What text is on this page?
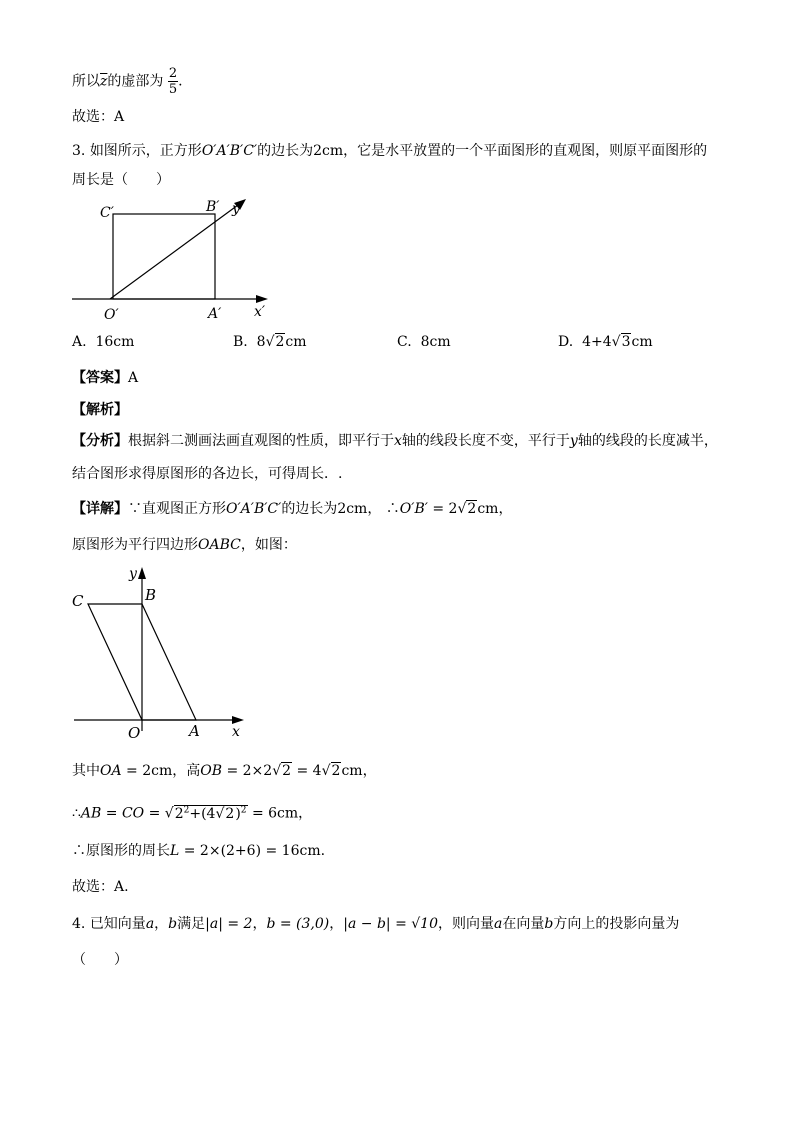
所以$\overline{z}$的虚部为 $\frac{2}{5}$ .
故选：A
3. 如图所示，正方形O′A′B′C′的边长为2cm，它是水平放置的一个平面图形的直观图，则原平面图形的
周长是（　　）
C′	B′ y′
O′	A′ x′
A. 16cm	B. 8√2cm	C. 8cm	D. 4+4√3cm
【答案】A
【解析】
【分析】根据斜二测画法画直观图的性质，即平行于x轴的线段长度不变，平行于y轴的线段的长度减半，
结合图形求得原图形的各边长，可得周长．.
【详解】∵直观图正方形O′A′B′C′的边长为2cm， ∴O′B′ = 2√2cm，
原图形为平行四边形OABC，如图：
y
C	B
O	A x
其中OA = 2cm，高OB = 2×2√2 = 4√2cm，
∴AB = CO = $√2^2+(4√2)^2 = 6cm$，
∴原图形的周长L = 2×(2+6) = 16cm.
故选：A.
4. 已知向量a，b满足|a| = 2，b = (3,0)，|a − b| = √10，则向量a在向量b方向上的投影向量为
（　　）
